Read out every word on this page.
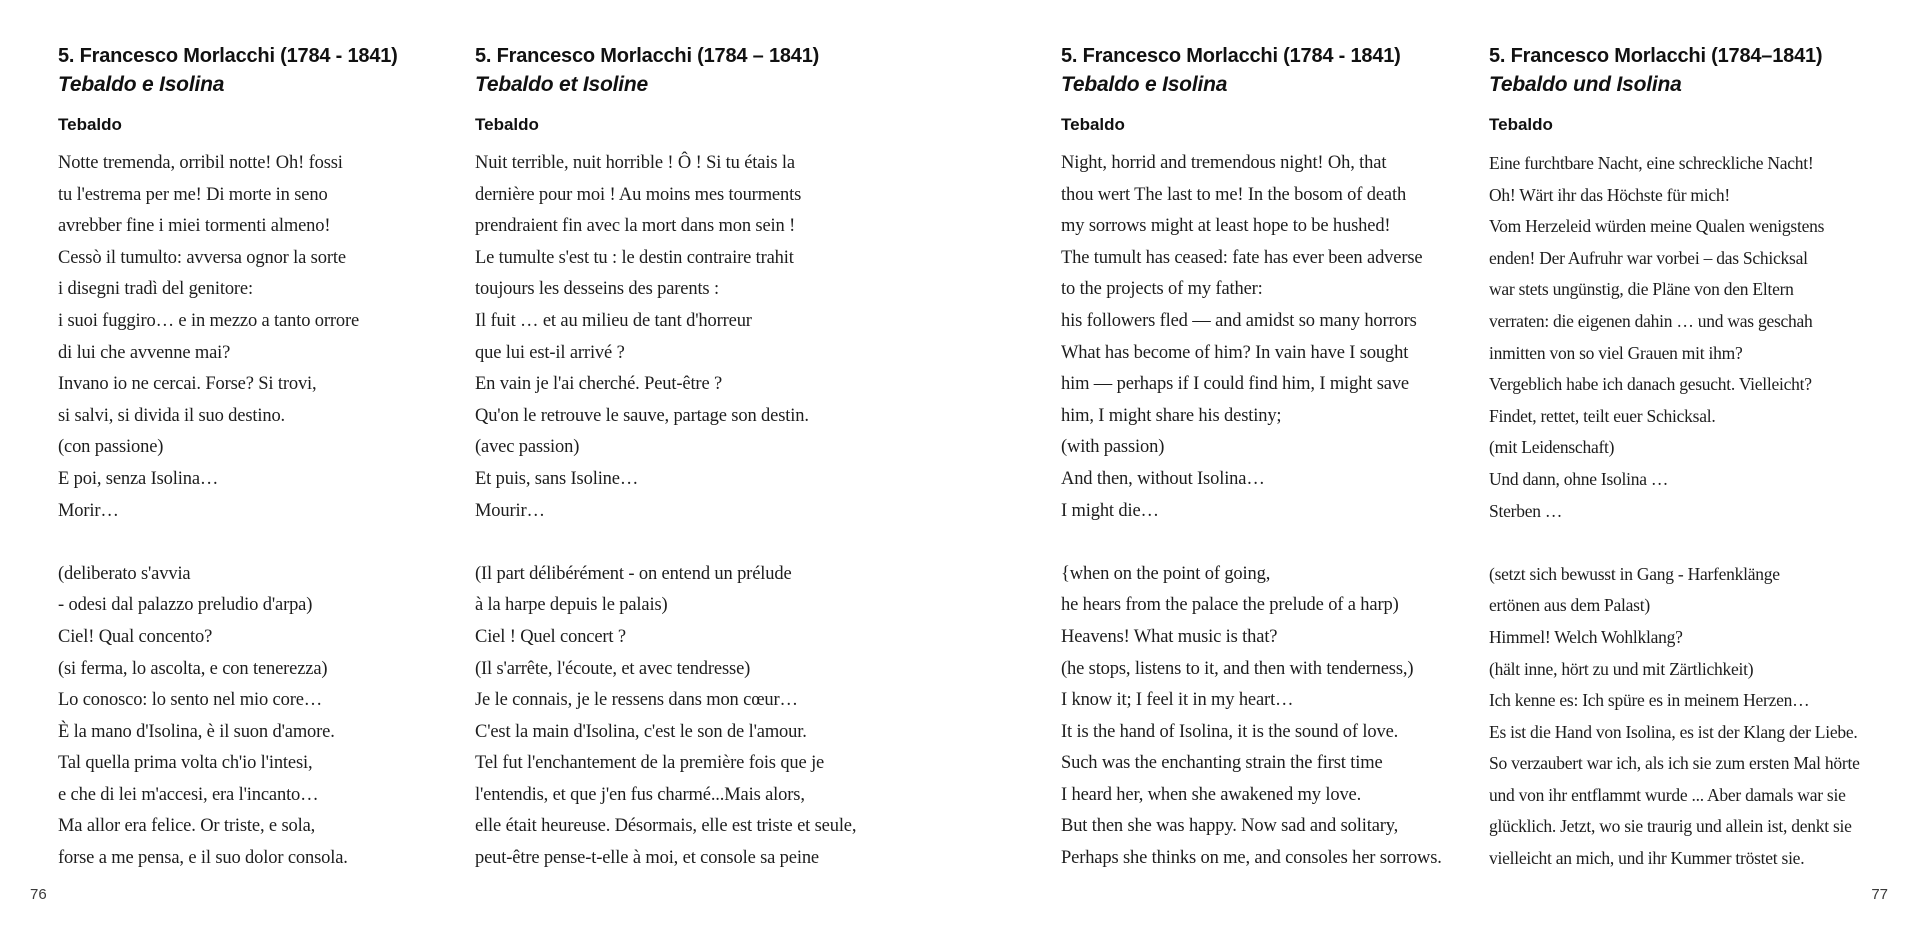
5. Francesco Morlacchi (1784 - 1841)
Tebaldo e Isolina
Tebaldo
Notte tremenda, orribil notte! Oh! fossi
tu l'estrema per me! Di morte in seno
avrebber fine i miei tormenti almeno!
Cessò il tumulto: avversa ognor la sorte
i disegni tradì del genitore:
i suoi fuggiro… e in mezzo a tanto orrore
di lui che avvenne mai?
Invano io ne cercai. Forse? Si trovi,
si salvi, si divida il suo destino.
(con passione)
E poi, senza Isolina…
Morir…
(deliberato s'avvia
- odesi dal palazzo preludio d'arpa)
Ciel! Qual concento?
(si ferma, lo ascolta, e con tenerezza)
Lo conosco: lo sento nel mio core…
È la mano d'Isolina, è il suon d'amore.
Tal quella prima volta ch'io l'intesi,
e che di lei m'accesi, era l'incanto…
Ma allor era felice. Or triste, e sola,
forse a me pensa, e il suo dolor consola.
5. Francesco Morlacchi (1784 – 1841)
Tebaldo et Isoline
Tebaldo
Nuit terrible, nuit horrible ! Ô ! Si tu étais la
dernière pour moi ! Au moins mes tourments
prendraient fin avec la mort dans mon sein !
Le tumulte s'est tu : le destin contraire trahit
toujours les desseins des parents :
Il fuit … et au milieu de tant d'horreur
que lui est-il arrivé ?
En vain je l'ai cherché. Peut-être ?
Qu'on le retrouve le sauve, partage son destin.
(avec passion)
Et puis, sans Isoline…
Mourir…
(Il part délibérément - on entend un prélude
à la harpe depuis le palais)
Ciel ! Quel concert ?
(Il s'arrête, l'écoute, et avec tendresse)
Je le connais, je le ressens dans mon cœur…
C'est la main d'Isolina, c'est le son de l'amour.
Tel fut l'enchantement de la première fois que je
l'entendis, et que j'en fus charmé...Mais alors,
elle était heureuse. Désormais, elle est triste et seule,
peut-être pense-t-elle à moi, et console sa peine
5. Francesco Morlacchi (1784 - 1841)
Tebaldo e Isolina
Tebaldo
Night, horrid and tremendous night! Oh, that
thou wert The last to me! In the bosom of death
my sorrows might at least hope to be hushed!
The tumult has ceased: fate has ever been adverse
to the projects of my father:
his followers fled — and amidst so many horrors
What has become of him? In vain have I sought
him — perhaps if I could find him, I might save
him, I might share his destiny;
(with passion)
And then, without Isolina…
I might die…
{when on the point of going,
he hears from the palace the prelude of a harp)
Heavens! What music is that?
(he stops, listens to it, and then with tenderness,)
I know it; I feel it in my heart…
It is the hand of Isolina, it is the sound of love.
Such was the enchanting strain the first time
I heard her, when she awakened my love.
But then she was happy. Now sad and solitary,
Perhaps she thinks on me, and consoles her sorrows.
5. Francesco Morlacchi (1784–1841)
Tebaldo und Isolina
Tebaldo
Eine furchtbare Nacht, eine schreckliche Nacht!
Oh! Wärt ihr das Höchste für mich!
Vom Herzeleid würden meine Qualen wenigstens
enden! Der Aufruhr war vorbei – das Schicksal
war stets ungünstig, die Pläne von den Eltern
verraten: die eigenen dahin … und was geschah
inmitten von so viel Grauen mit ihm?
Vergeblich habe ich danach gesucht. Vielleicht?
Findet, rettet, teilt euer Schicksal.
(mit Leidenschaft)
Und dann, ohne Isolina …
Sterben …
(setzt sich bewusst in Gang - Harfenklänge
ertönen aus dem Palast)
Himmel! Welch Wohlklang?
(hält inne, hört zu und mit Zärtlichkeit)
Ich kenne es: Ich spüre es in meinem Herzen…
Es ist die Hand von Isolina, es ist der Klang der Liebe.
So verzaubert war ich, als ich sie zum ersten Mal hörte
und von ihr entflammt wurde ... Aber damals war sie
glücklich. Jetzt, wo sie traurig und allein ist, denkt sie
vielleicht an mich, und ihr Kummer tröstet sie.
76	77
